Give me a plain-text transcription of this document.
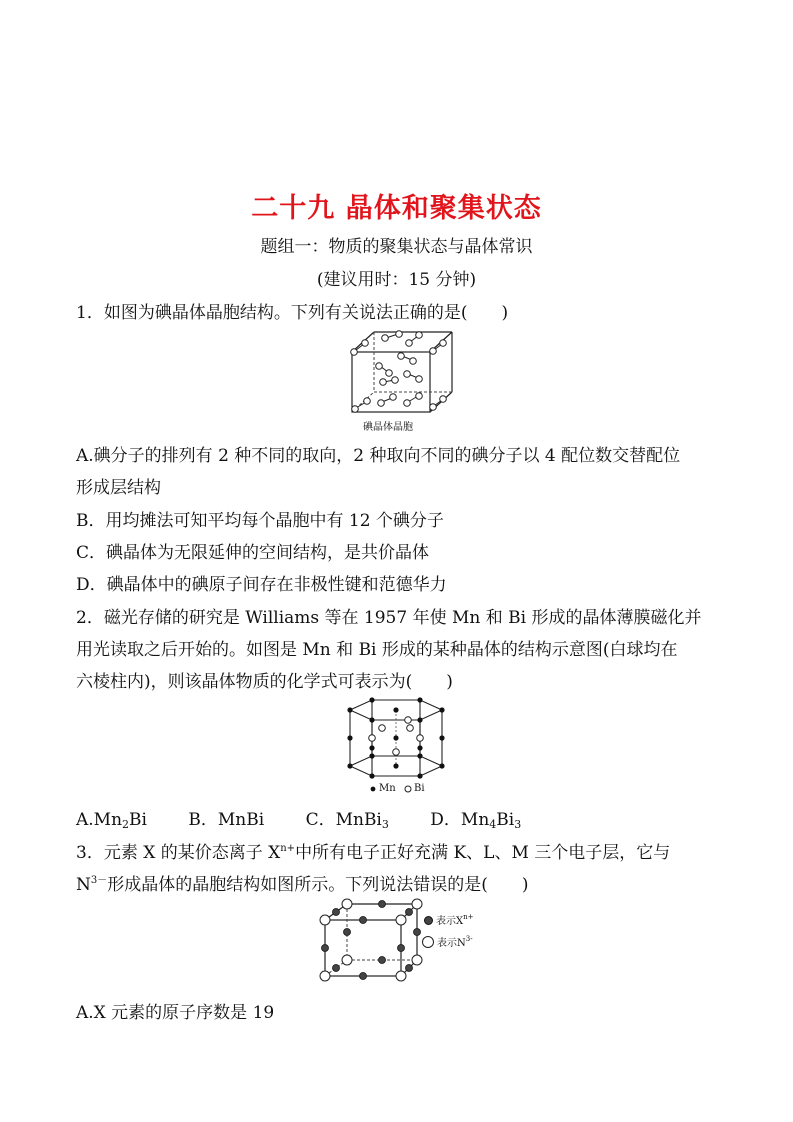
二十九 晶体和聚集状态
题组一：物质的聚集状态与晶体常识
(建议用时：15 分钟)
1．如图为碘晶体晶胞结构。下列有关说法正确的是(　　)
碘晶体晶胞
A.碘分子的排列有 2 种不同的取向，2 种取向不同的碘分子以 4 配位数交替配位
形成层结构
B．用均摊法可知平均每个晶胞中有 12 个碘分子
C．碘晶体为无限延伸的空间结构，是共价晶体
D．碘晶体中的碘原子间存在非极性键和范德华力
2．磁光存储的研究是 Williams 等在 1957 年使 Mn 和 Bi 形成的晶体薄膜磁化并
用光读取之后开始的。如图是 Mn 和 Bi 形成的某种晶体的结构示意图(白球均在
六棱柱内)，则该晶体物质的化学式可表示为(　　)
Mn Bi
$A.Mn_2Bi$ B．MnBi C．MnBi$_3$ D．$Mn_4Bi_3$
3．元素 X 的某价态离子 $X^{n+}$中所有电子正好充满 K、L、M 三个电子层，它与
$N^{3-}$形成晶体的晶胞结构如图所示。下列说法错误的是(　　)
表示$X^{n+}$
表示$N^{3-}$
A.X 元素的原子序数是 19
